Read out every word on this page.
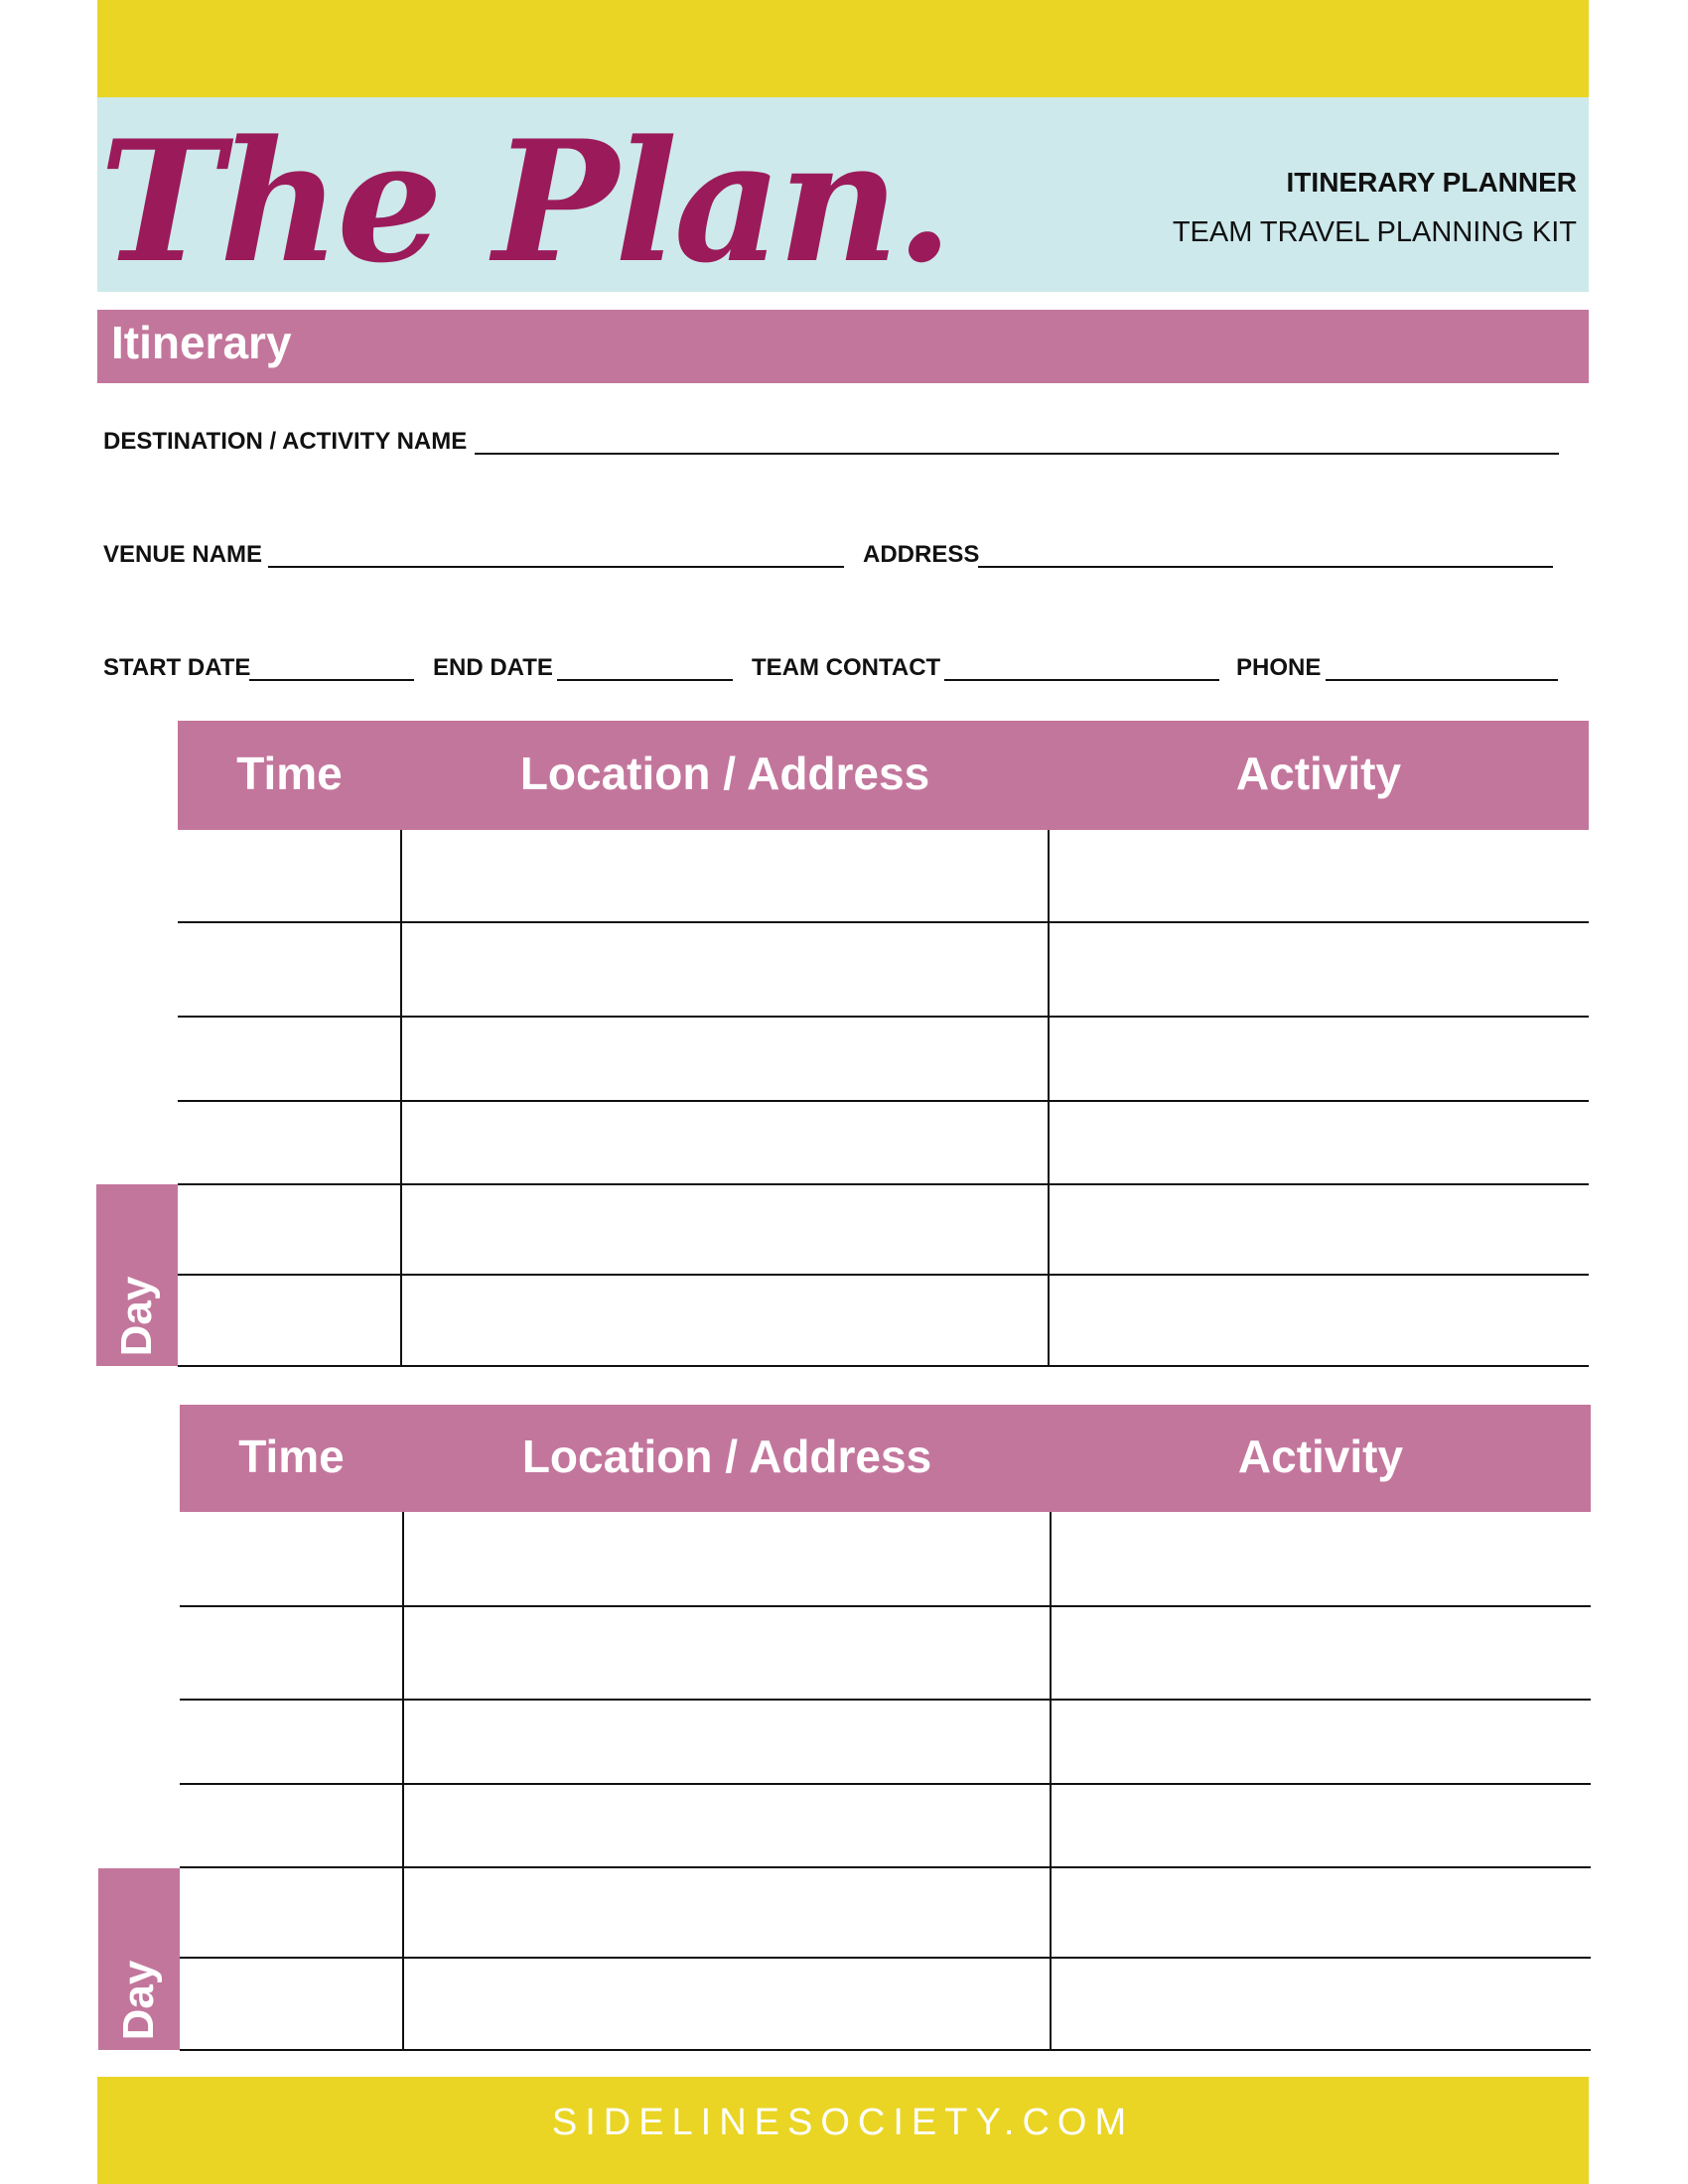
The Plan.	ITINERARY PLANNER
TEAM TRAVEL PLANNING KIT
Itinerary
DESTINATION / ACTIVITY NAME
VENUE NAME	ADDRESS
START DATE	END DATE	TEAM CONTACT	PHONE
Time	Location / Address	Activity
Day
Time	Location / Address	Activity
Day
SIDELINESOCIETY.COM
